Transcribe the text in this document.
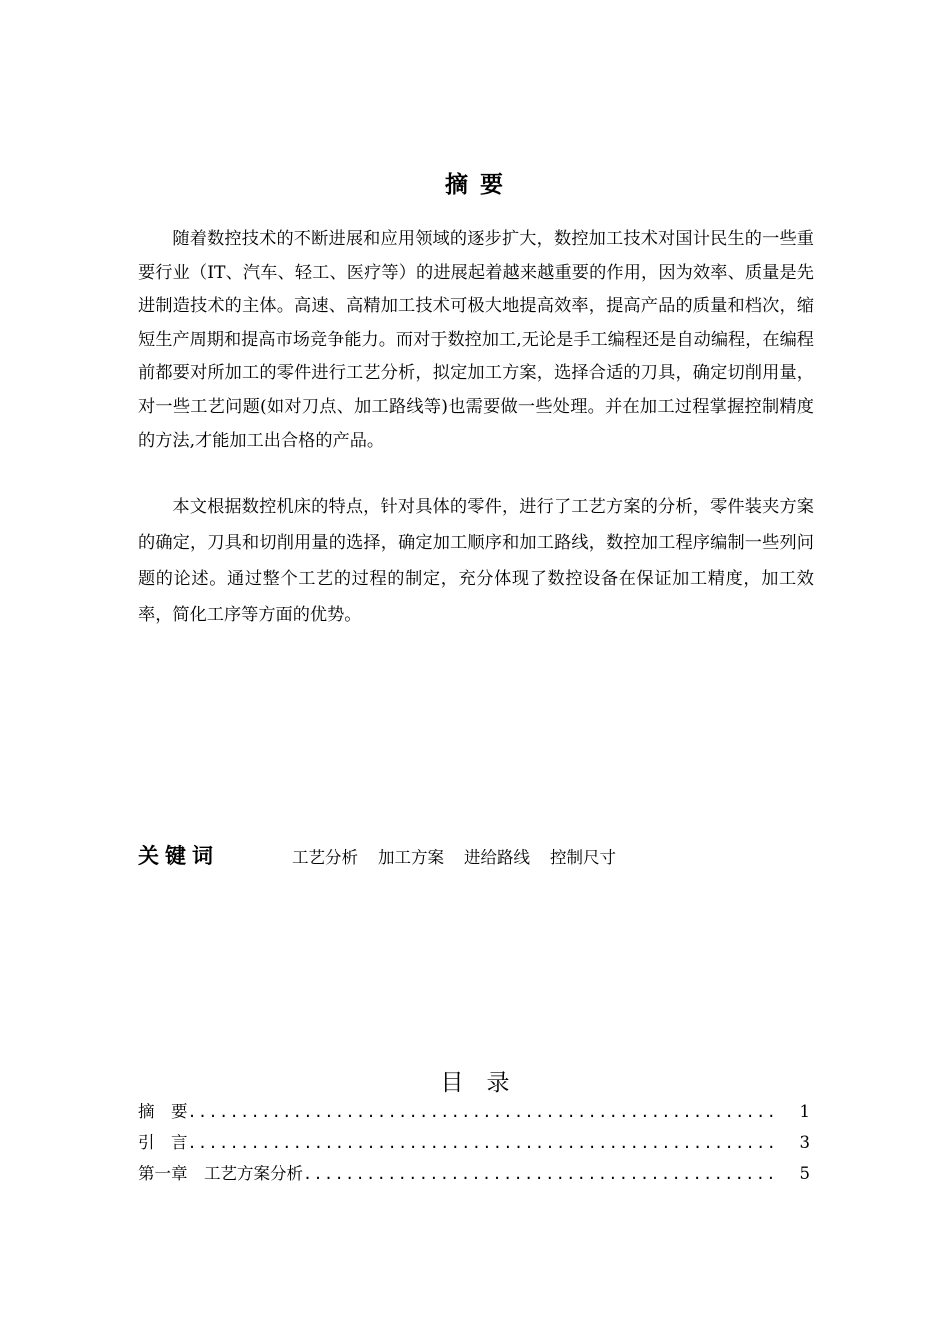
摘 要
随着数控技术的不断进展和应用领域的逐步扩大，数控加工技术对国计民生的一些重要行业（IT、汽车、轻工、医疗等）的进展起着越来越重要的作用，因为效率、质量是先进制造技术的主体。高速、高精加工技术可极大地提高效率，提高产品的质量和档次，缩短生产周期和提高市场竞争能力。而对于数控加工,无论是手工编程还是自动编程，在编程前都要对所加工的零件进行工艺分析，拟定加工方案，选择合适的刀具，确定切削用量，对一些工艺问题(如对刀点、加工路线等)也需要做一些处理。并在加工过程掌握控制精度的方法,才能加工出合格的产品。
本文根据数控机床的特点，针对具体的零件，进行了工艺方案的分析，零件装夹方案的确定，刀具和切削用量的选择，确定加工顺序和加工路线，数控加工程序编制一些列问题的论述。通过整个工艺的过程的制定，充分体现了数控设备在保证加工精度，加工效率，简化工序等方面的优势。
关键词	工艺分析 加工方案 进给路线 控制尺寸
目　录
摘　要 .....	1
引　言 .....	3
第一章　工艺方案分析 .....	5
